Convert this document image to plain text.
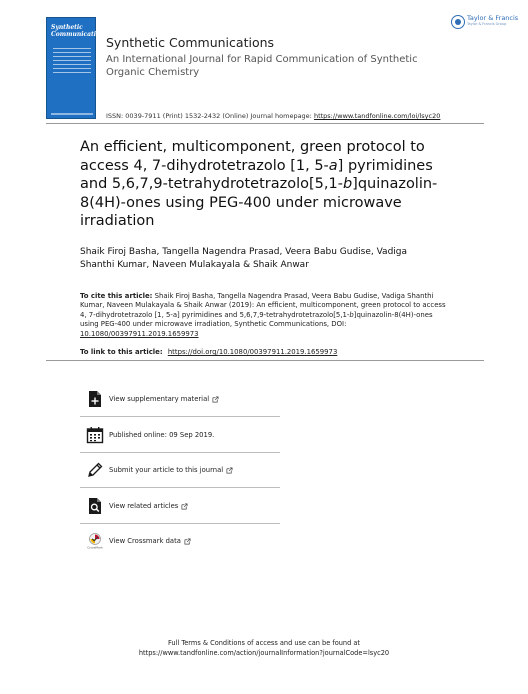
Synthetic
Communications
Synthetic Communications
An International Journal for Rapid Communication of Synthetic Organic Chemistry
Taylor & Francis
Taylor & Francis Group
ISSN: 0039-7911 (Print) 1532-2432 (Online) Journal homepage: https://www.tandfonline.com/loi/lsyc20
An efficient, multicomponent, green protocol to access 4, 7-dihydrotetrazolo [1, 5-a] pyrimidines and 5,6,7,9-tetrahydrotetrazolo[5,1-b]quinazolin-8(4H)-ones using PEG-400 under microwave irradiation
Shaik Firoj Basha, Tangella Nagendra Prasad, Veera Babu Gudise, Vadiga Shanthi Kumar, Naveen Mulakayala & Shaik Anwar
To cite this article: Shaik Firoj Basha, Tangella Nagendra Prasad, Veera Babu Gudise, Vadiga Shanthi Kumar, Naveen Mulakayala & Shaik Anwar (2019): An efficient, multicomponent, green protocol to access 4, 7-dihydrotetrazolo [1, 5-a] pyrimidines and 5,6,7,9-tetrahydrotetrazolo[5,1-b]quinazolin-8(4H)-ones using PEG-400 under microwave irradiation, Synthetic Communications, DOI: 10.1080/00397911.2019.1659973
To link to this article: https://doi.org/10.1080/00397911.2019.1659973
View supplementary material
Published online: 09 Sep 2019.
Submit your article to this journal
View related articles
CrossMark
View Crossmark data
Full Terms & Conditions of access and use can be found at
https://www.tandfonline.com/action/journalInformation?journalCode=lsyc20
